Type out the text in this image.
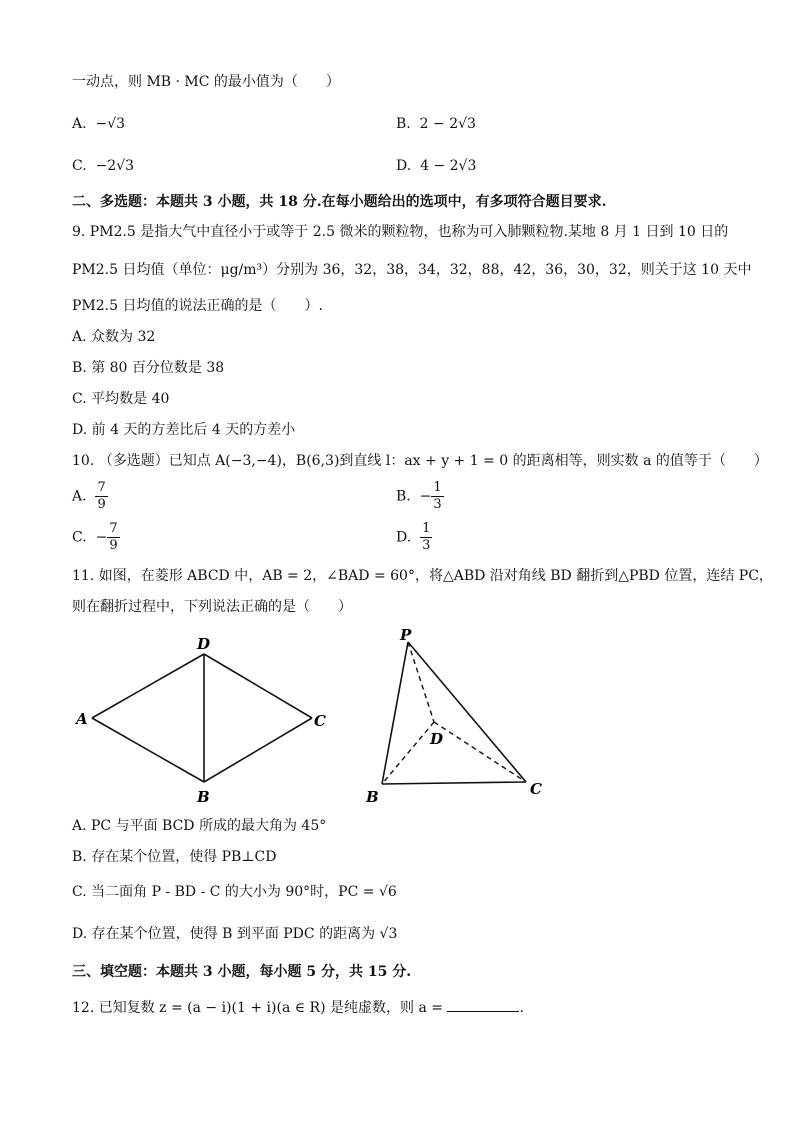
一动点，则 MB · MC 的最小值为（　　）
A. −√3	B. 2 − 2√3
C. −2√3	D. 4 − 2√3
二、多选题：本题共 3 小题，共 18 分.在每小题给出的选项中，有多项符合题目要求.
9. PM2.5 是指大气中直径小于或等于 2.5 微米的颗粒物，也称为可入肺颗粒物.某地 8 月 1 日到 10 日的
PM2.5 日均值（单位：μg/m³）分别为 36，32，38，34，32，88，42，36，30，32，则关于这 10 天中
PM2.5 日均值的说法正确的是（　　）.
A. 众数为 32
B. 第 80 百分位数是 38
C. 平均数是 40
D. 前 4 天的方差比后 4 天的方差小
10. （多选题）已知点 A(−3,−4)，B(6,3)到直线 l：ax + y + 1 = 0 的距离相等，则实数 a 的值等于（　　）
A. $\frac{7}{9}$	B. − $\frac{1}{3}$
C. − $\frac{7}{9}$	D. $\frac{1}{3}$
11. 如图，在菱形 ABCD 中，AB = 2，∠BAD = 60°，将△ABD 沿对角线 BD 翻折到△PBD 位置，连结 PC，
则在翻折过程中，下列说法正确的是（　　）
A
D
C
B
P
D
B	C
A. PC 与平面 BCD 所成的最大角为 45°
B. 存在某个位置，使得 PB⊥CD
C. 当二面角 P - BD - C 的大小为 90°时，PC = √6
D. 存在某个位置，使得 B 到平面 PDC 的距离为 √3
三、填空题：本题共 3 小题，每小题 5 分，共 15 分.
12. 已知复数 z = (a − i)(1 + i)(a ∈ R) 是纯虚数，则 a =	.
